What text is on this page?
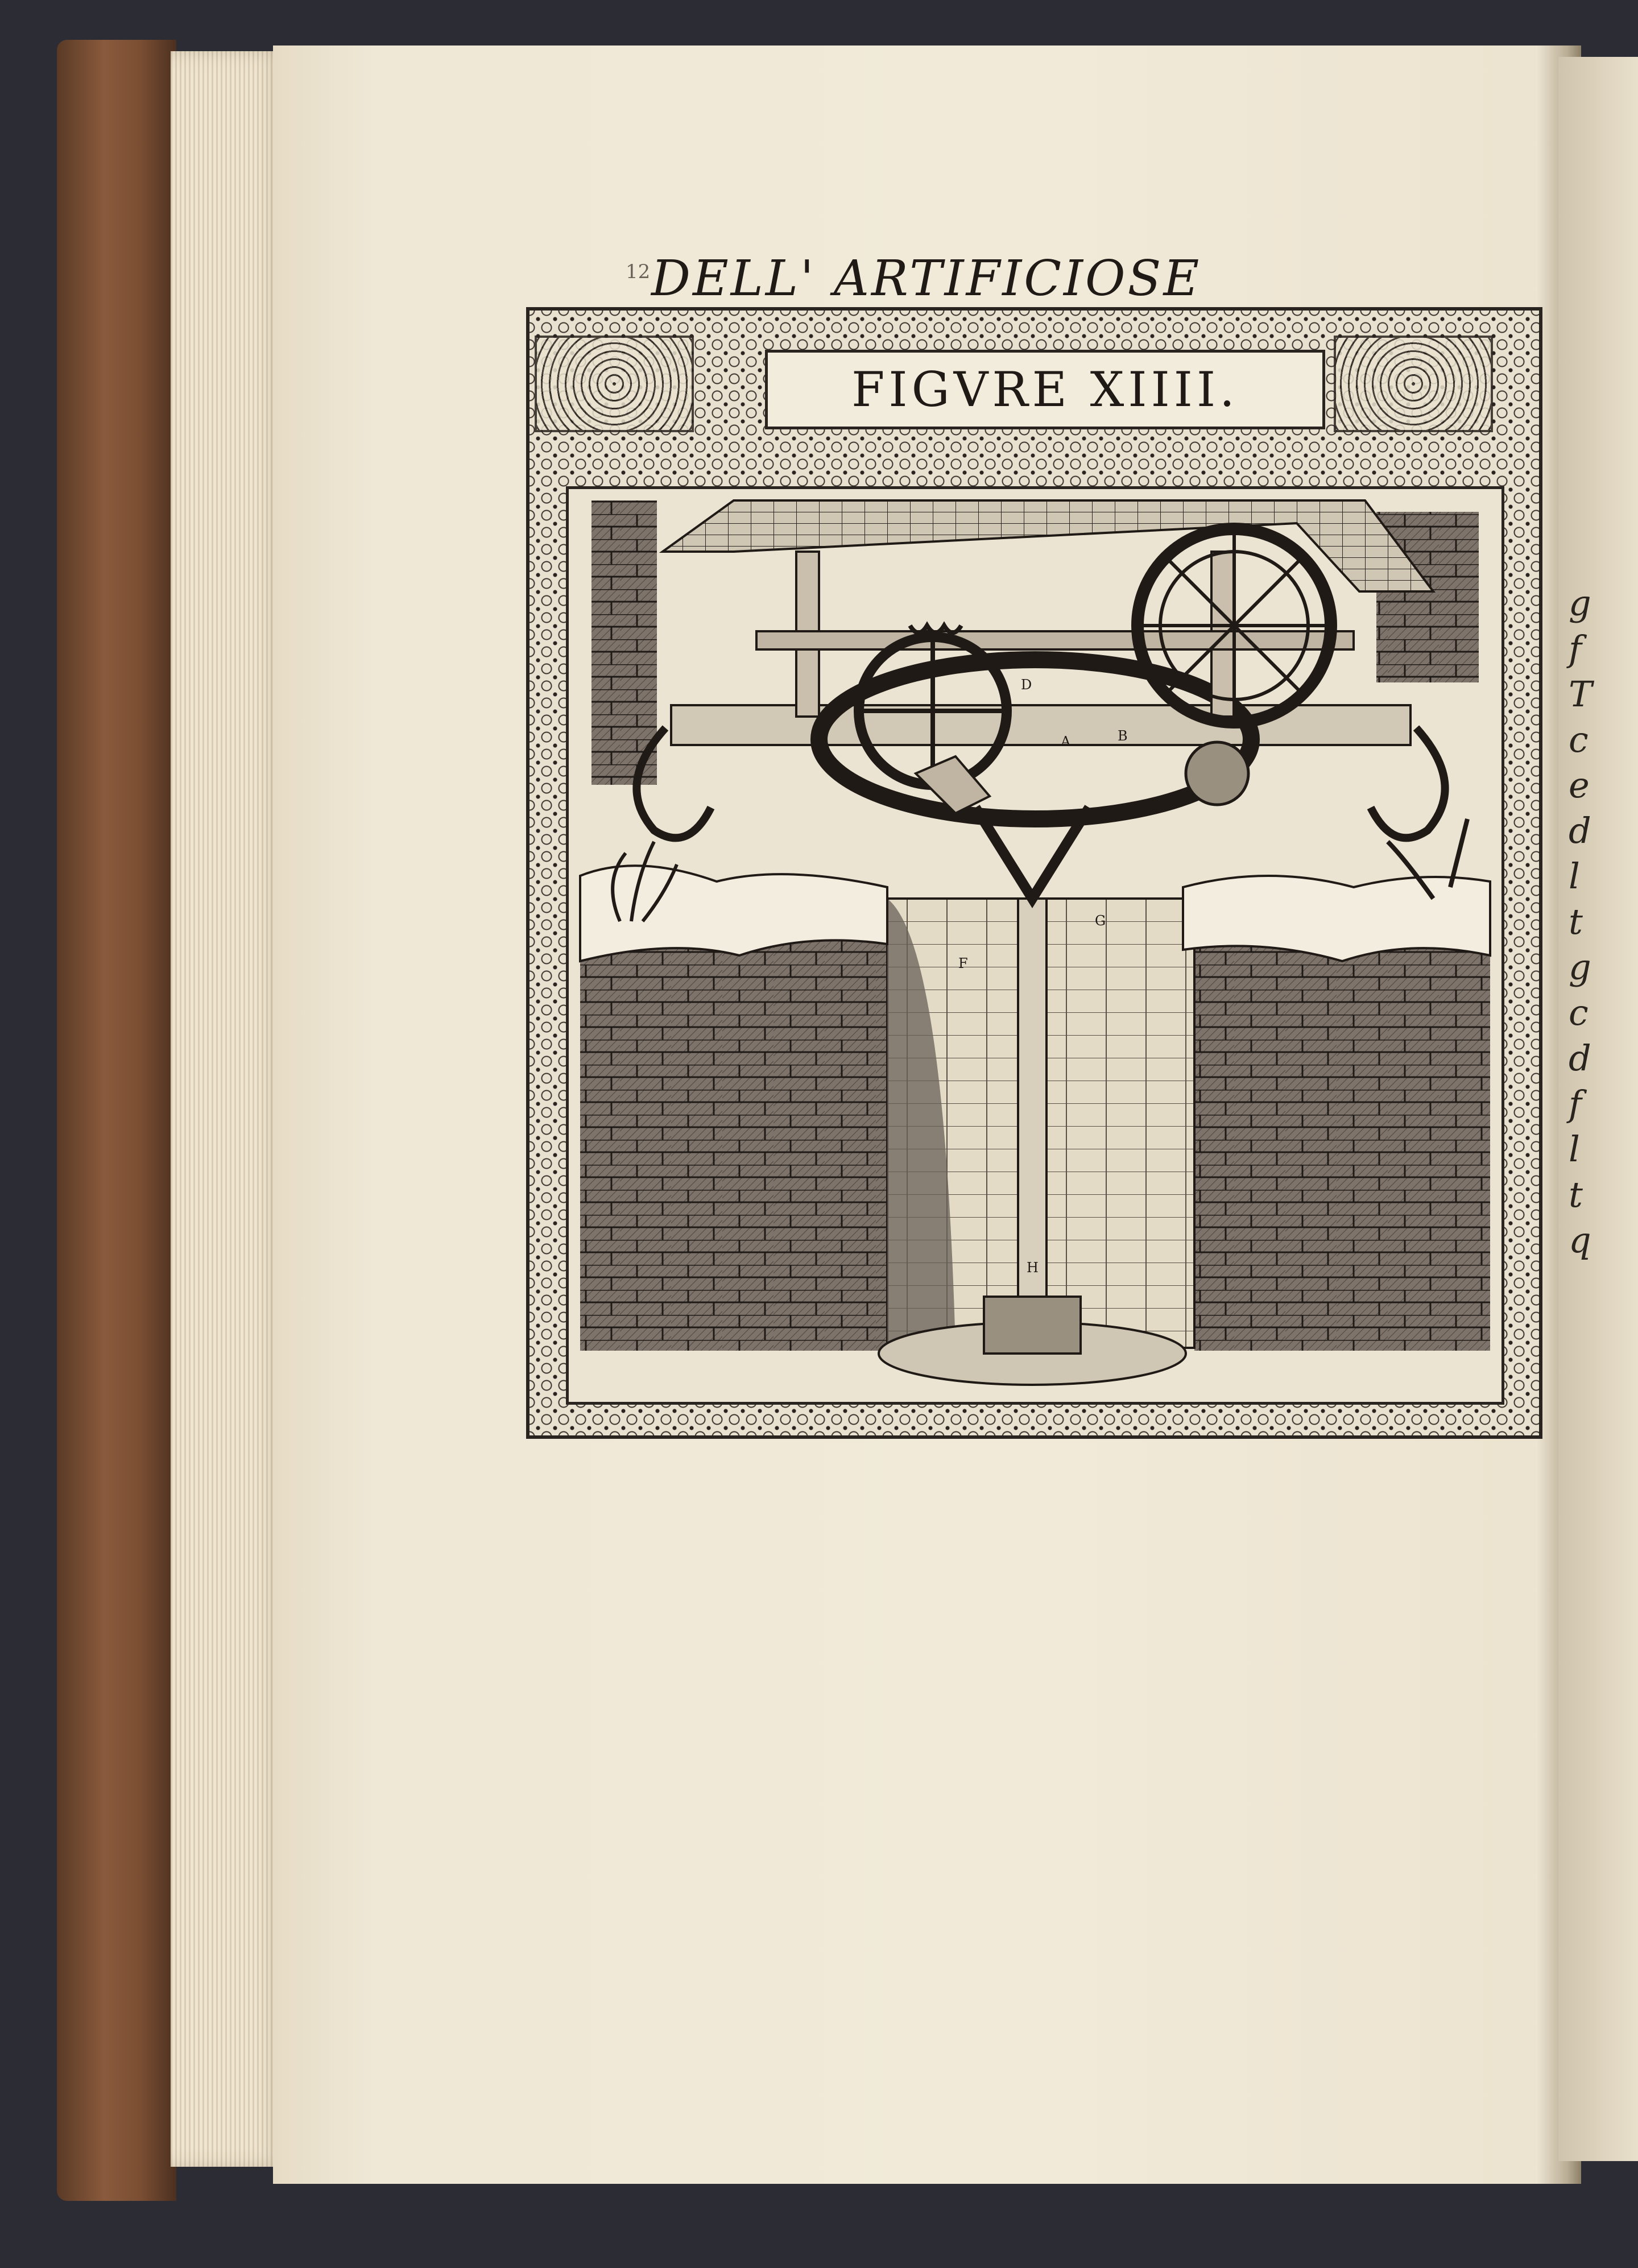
g
f
T
c
e
d
l
t
g
c
d
f
l
t
q
12 DELL' ARTIFICIOSE
FIGVRE XIIII.
D
A	B
G
F
H
